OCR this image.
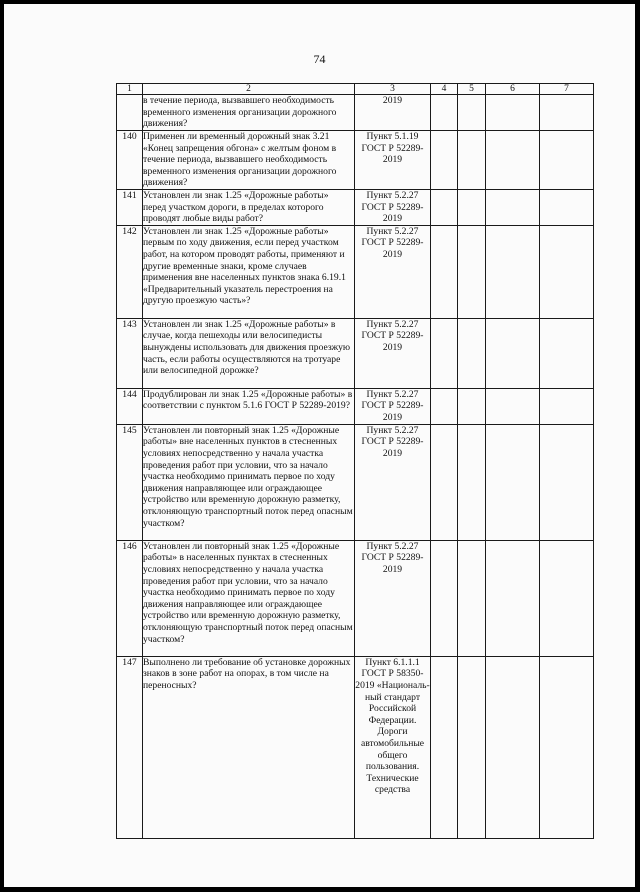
74
1	2	3	4	5	6	7
	в течение периода, вызвавшего необходимость временного изменения организации дорожного движения?	2019				
140	Применен ли временный дорожный знак 3.21 «Конец запрещения обгона» с желтым фоном в течение периода, вызвавшего необходимость временного изменения организации дорожного движения?	Пункт 5.1.19 ГОСТ Р 52289-2019				
141	Установлен ли знак 1.25 «Дорожные работы» перед участком дороги, в пределах которого проводят любые виды работ?	Пункт 5.2.27 ГОСТ Р 52289-2019				
142	Установлен ли знак 1.25 «Дорожные работы» первым по ходу движения, если перед участком работ, на котором проводят работы, применяют и другие временные знаки, кроме случаев применения вне населенных пунктов знака 6.19.1 «Предварительный указатель перестроения на другую проезжую часть»?	Пункт 5.2.27 ГОСТ Р 52289-2019				
143	Установлен ли знак 1.25 «Дорожные работы» в случае, когда пешеходы или велосипедисты вынуждены использовать для движения проезжую часть, если работы осуществляются на тротуаре или велосипедной дорожке?	Пункт 5.2.27 ГОСТ Р 52289-2019				
144	Продублирован ли знак 1.25 «Дорожные работы» в соответствии с пунктом 5.1.6 ГОСТ Р 52289-2019?	Пункт 5.2.27 ГОСТ Р 52289-2019				
145	Установлен ли повторный знак 1.25 «Дорожные работы» вне населенных пунктов в стесненных условиях непосредственно у начала участка проведения работ при условии, что за начало участка необходимо принимать первое по ходу движения направляющее или ограждающее устройство или временную дорожную разметку, отклоняющую транспортный поток перед опасным участком?	Пункт 5.2.27 ГОСТ Р 52289-2019				
146	Установлен ли повторный знак 1.25 «Дорожные работы» в населенных пунктах в стесненных условиях непосредственно у начала участка проведения работ при условии, что за начало участка необходимо принимать первое по ходу движения направляющее или ограждающее устройство или временную дорожную разметку, отклоняющую транспортный поток перед опасным участком?	Пункт 5.2.27 ГОСТ Р 52289-2019				
147	Выполнено ли требование об установке дорожных знаков в зоне работ на опорах, в том числе на переносных?	Пункт 6.1.1.1 ГОСТ Р 58350-2019 «Националь-ный стандарт Российской Федерации. Дороги автомобильные общего пользования. Технические средства				
